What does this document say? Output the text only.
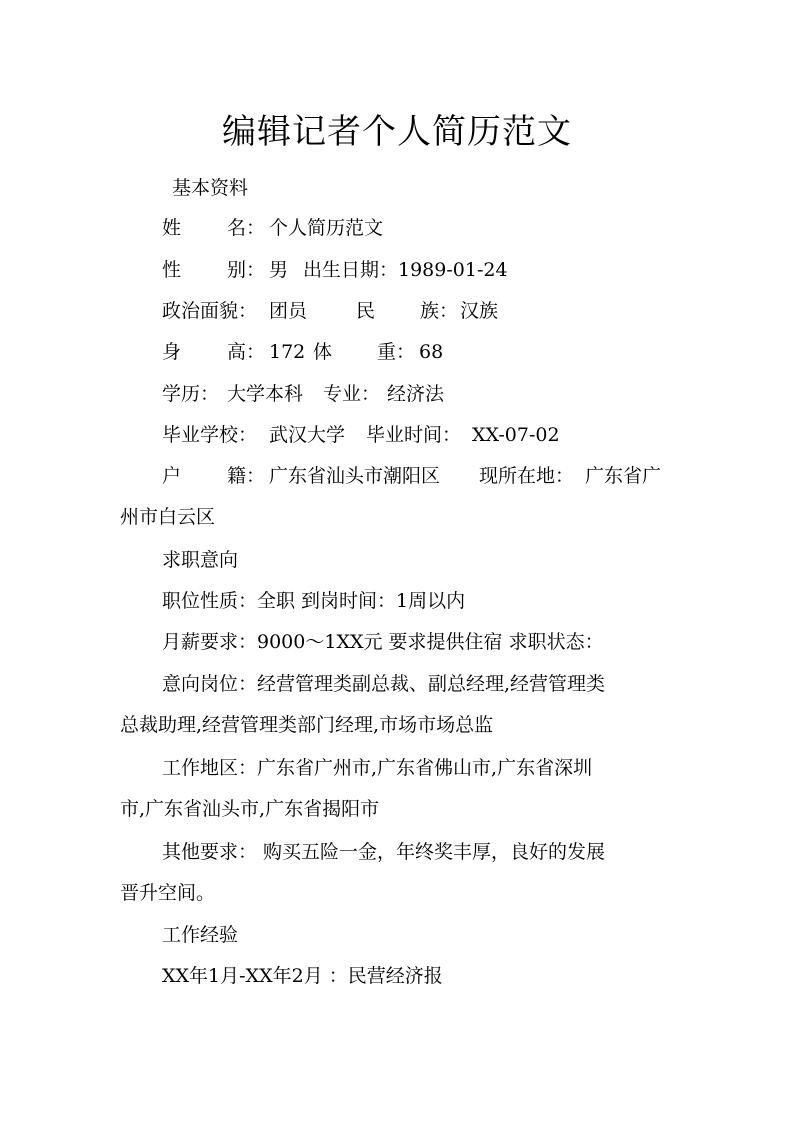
编辑记者个人简历范文
基本资料
姓 名： 个人简历范文
性 别： 男 出生日期： 1989-01-24
政治面貌： 团员	民 族： 汉族
身 高： 172 体 重： 68
学历： 大学本科 专业： 经济法
毕业学校： 武汉大学 毕业时间： XX-07-02
户 籍： 广东省汕头市潮阳区 现所在地： 广东省广
州市白云区
求职意向
职位性质：全职 到岗时间：1周以内
月薪要求：9000～1XX元 要求提供住宿 求职状态：
意向岗位：经营管理类副总裁、副总经理,经营管理类
总裁助理,经营管理类部门经理,市场市场总监
工作地区：广东省广州市,广东省佛山市,广东省深圳
市,广东省汕头市,广东省揭阳市
其他要求： 购买五险一金，年终奖丰厚，良好的发展
晋升空间。
工作经验
XX年1月-XX年2月 ：民营经济报
